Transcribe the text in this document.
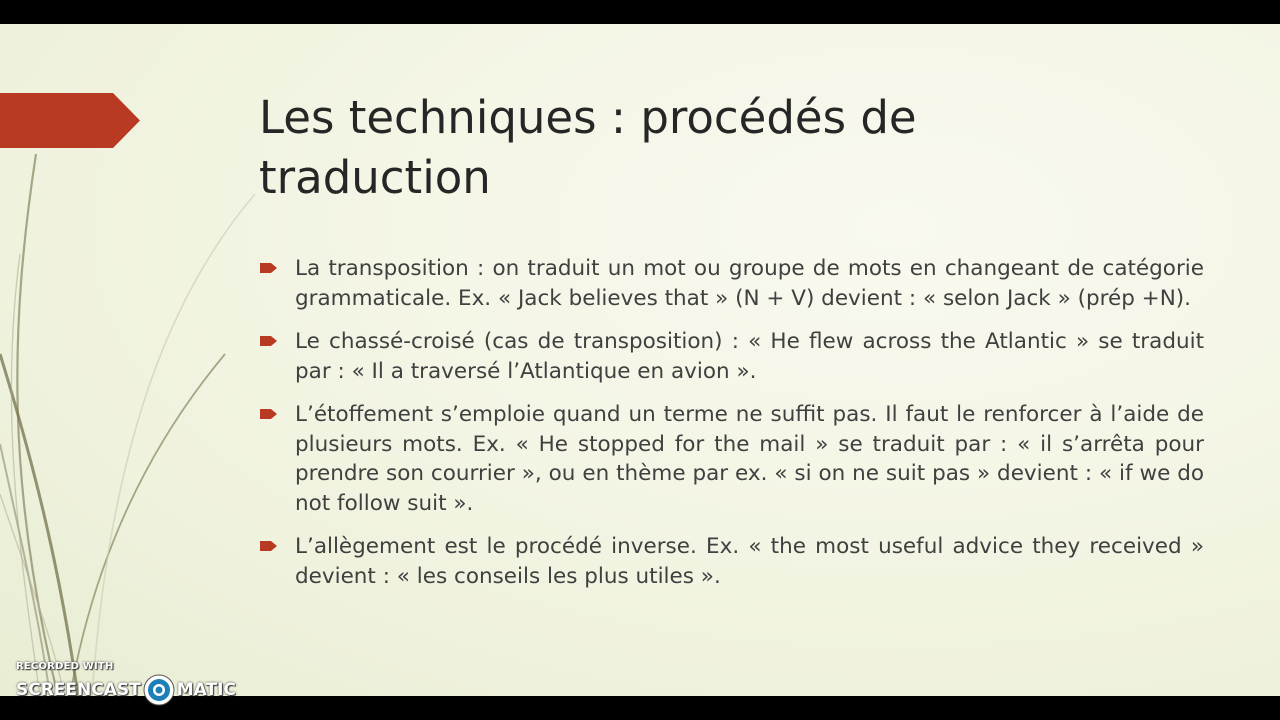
Les techniques : procédés de traduction
La transposition : on traduit un mot ou groupe de mots en changeant de catégorie grammaticale. Ex. « Jack believes that » (N + V) devient : « selon Jack » (prép +N).
Le chassé-croisé (cas de transposition) : « He flew across the Atlantic » se traduit par : « Il a traversé l’Atlantique en avion ».
L’étoffement s’emploie quand un terme ne suffit pas. Il faut le renforcer à l’aide de plusieurs mots. Ex. « He stopped for the mail » se traduit par : « il s’arrêta pour prendre son courrier », ou en thème par ex. « si on ne suit pas » devient : « if we do not follow suit ».
L’allègement est le procédé inverse. Ex. « the most useful advice they received » devient : « les conseils les plus utiles ».
RECORDED WITH
SCREENCAST MATIC
